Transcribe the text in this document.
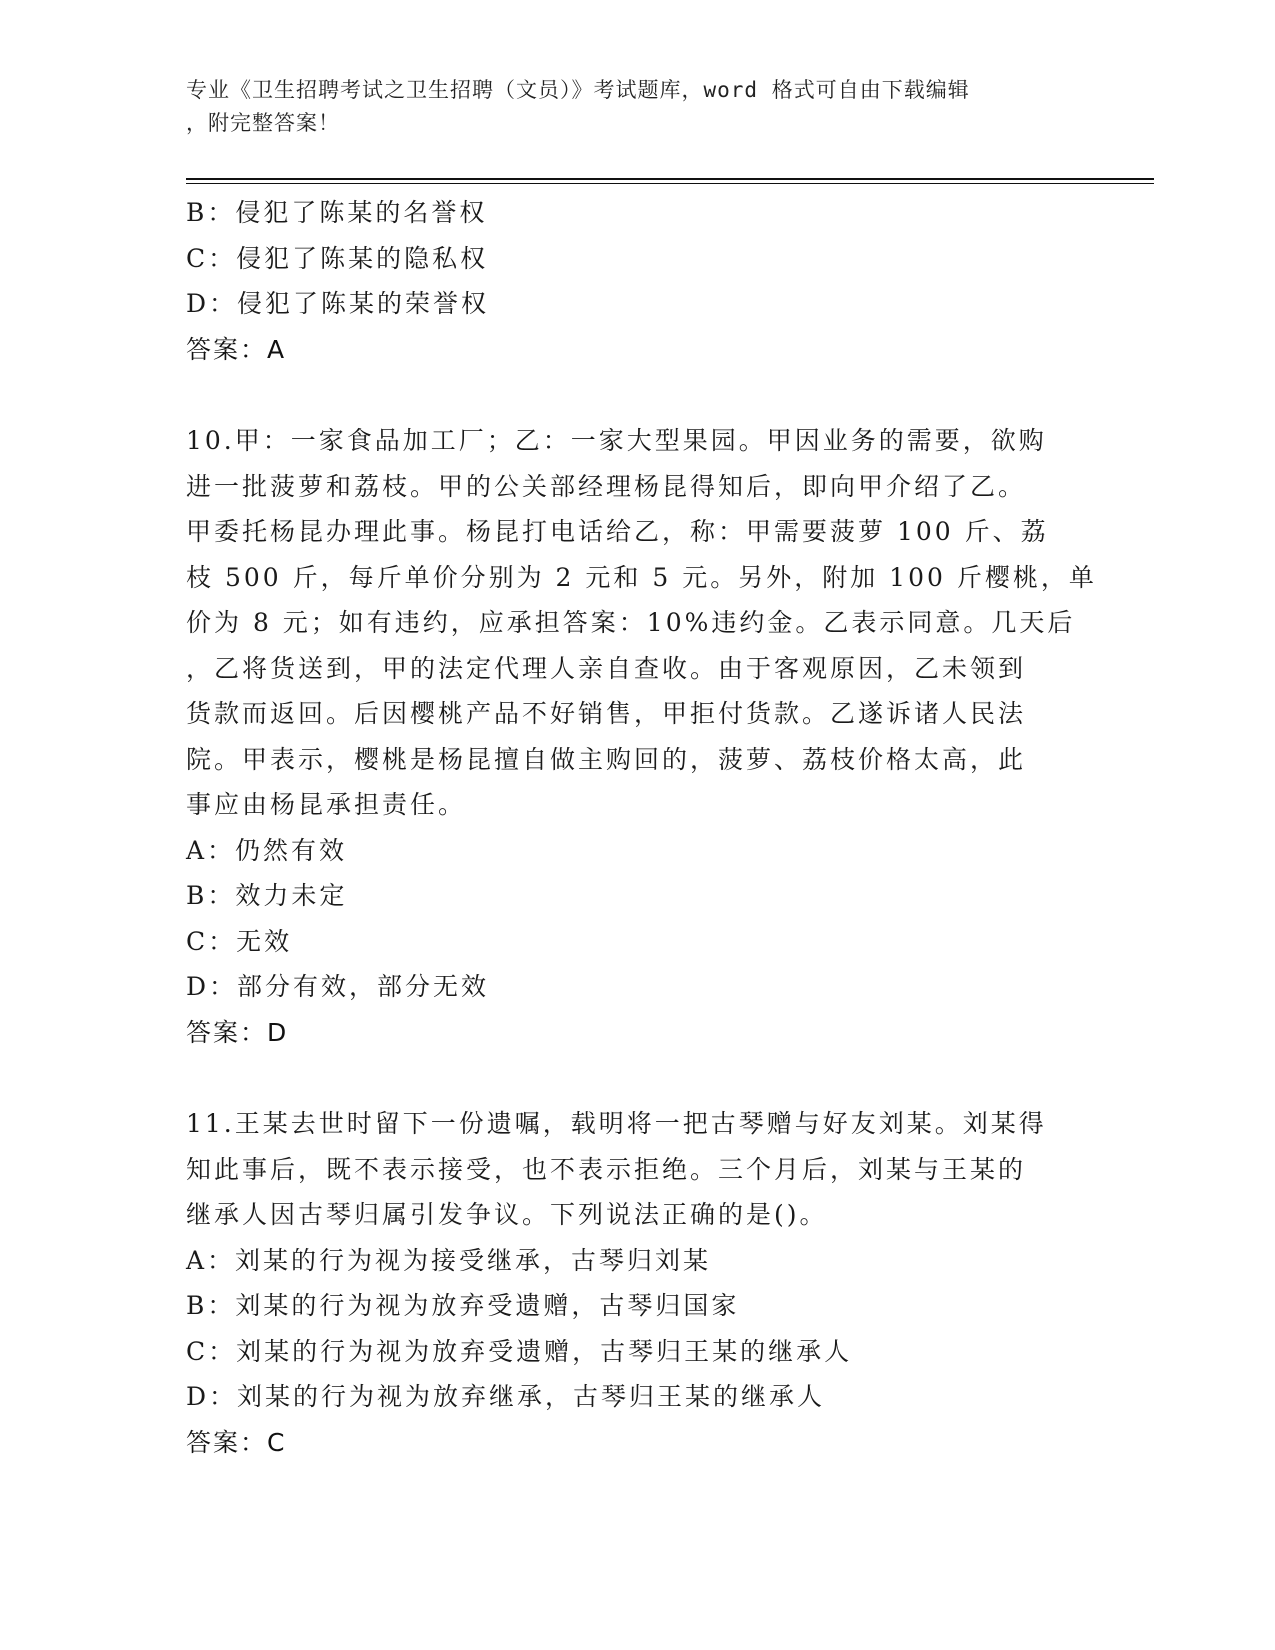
专业《卫生招聘考试之卫生招聘（文员）》考试题库，word 格式可自由下载编辑
，附完整答案！
B：侵犯了陈某的名誉权
C：侵犯了陈某的隐私权
D：侵犯了陈某的荣誉权
答案：A
10.甲：一家食品加工厂；乙：一家大型果园。甲因业务的需要，欲购
进一批菠萝和荔枝。甲的公关部经理杨昆得知后，即向甲介绍了乙。
甲委托杨昆办理此事。杨昆打电话给乙，称：甲需要菠萝 100 斤、荔
枝 500 斤，每斤单价分别为 2 元和 5 元。另外，附加 100 斤樱桃，单
价为 8 元；如有违约，应承担答案：10%违约金。乙表示同意。几天后
，乙将货送到，甲的法定代理人亲自查收。由于客观原因，乙未领到
货款而返回。后因樱桃产品不好销售，甲拒付货款。乙遂诉诸人民法
院。甲表示，樱桃是杨昆擅自做主购回的，菠萝、荔枝价格太高，此
事应由杨昆承担责任。
A：仍然有效
B：效力未定
C：无效
D：部分有效，部分无效
答案：D
11.王某去世时留下一份遗嘱，载明将一把古琴赠与好友刘某。刘某得
知此事后，既不表示接受，也不表示拒绝。三个月后，刘某与王某的
继承人因古琴归属引发争议。下列说法正确的是()。
A：刘某的行为视为接受继承，古琴归刘某
B：刘某的行为视为放弃受遗赠，古琴归国家
C：刘某的行为视为放弃受遗赠，古琴归王某的继承人
D：刘某的行为视为放弃继承，古琴归王某的继承人
答案：C
